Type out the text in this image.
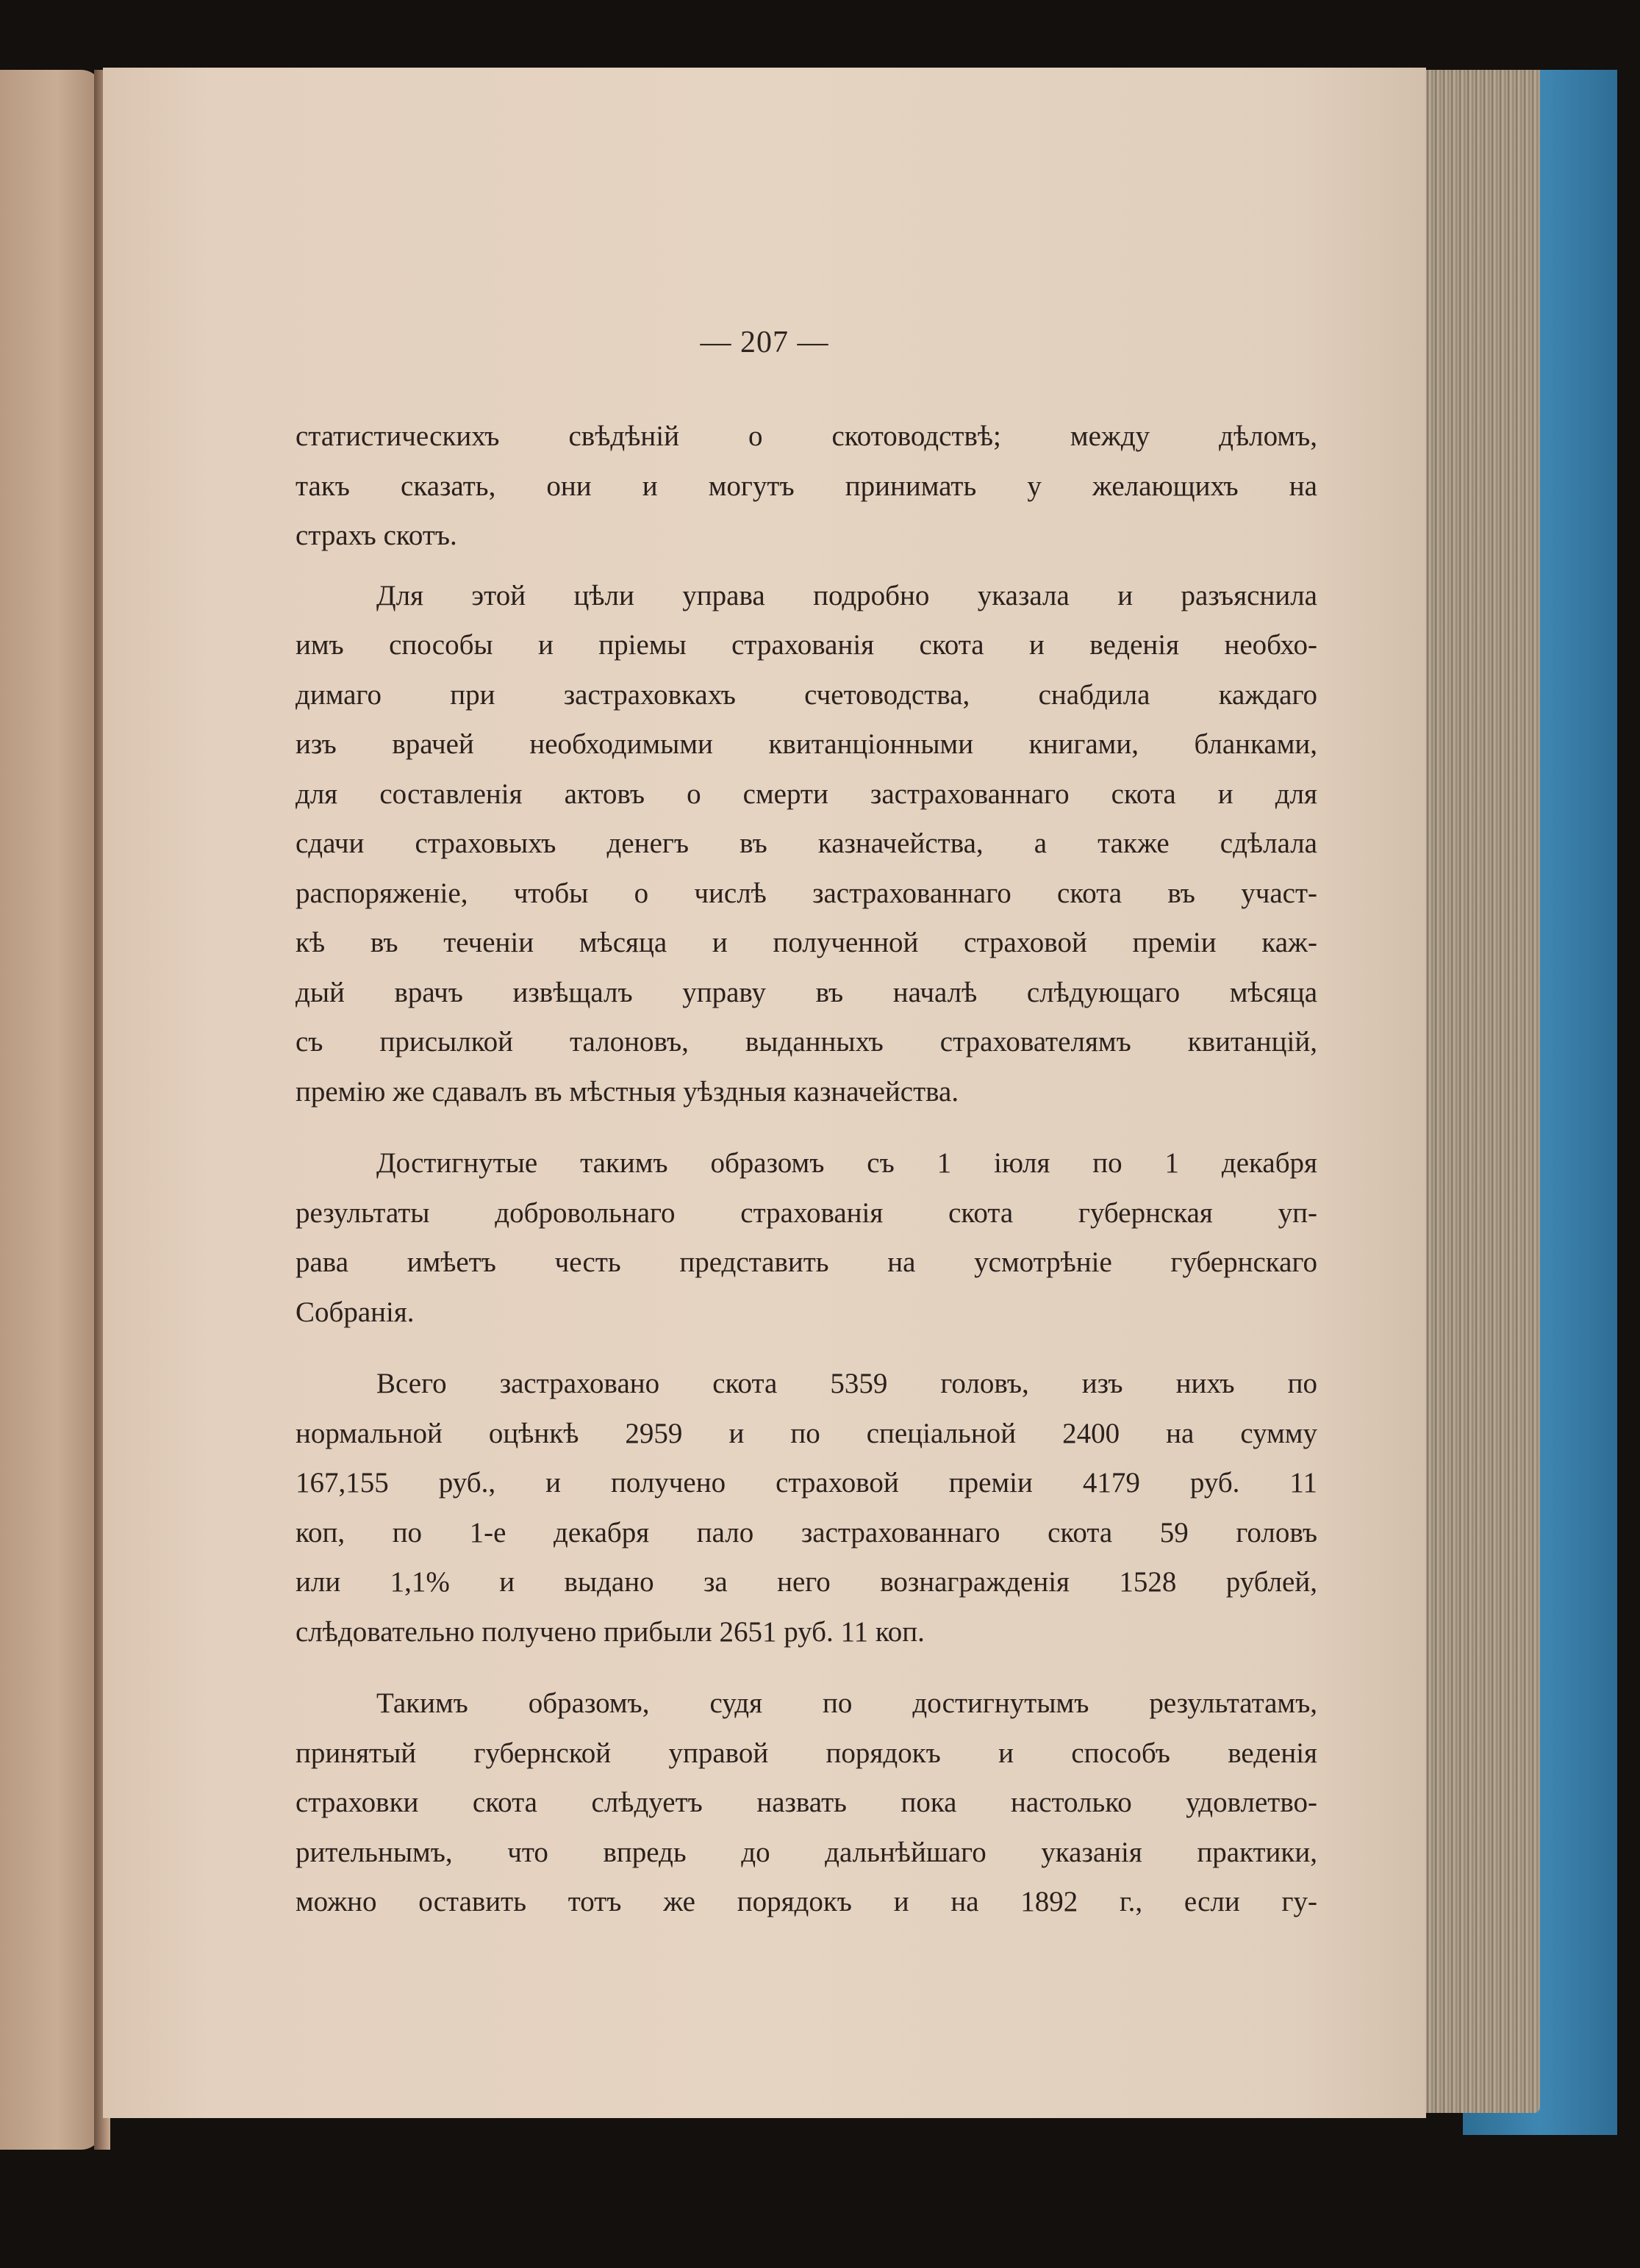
— 207 —

статистическихъ свѣдѣній о скотоводствѣ; между дѣломъ,
такъ сказать, они и могутъ принимать у желающихъ на
страхъ скотъ.

Для этой цѣли управа подробно указала и разъяснила
имъ способы и пріемы страхованія скота и веденія необхо-
димаго при застраховкахъ счетоводства, снабдила каждаго
изъ врачей необходимыми квитанціонными книгами, бланками,
для составленія актовъ о смерти застрахованнаго скота и для
сдачи страховыхъ денегъ въ казначейства, а также сдѣлала
распоряженіе, чтобы о числѣ застрахованнаго скота въ участ-
кѣ въ теченіи мѣсяца и полученной страховой преміи каж-
дый врачъ извѣщалъ управу въ началѣ слѣдующаго мѣсяца
съ присылкой талоновъ, выданныхъ страхователямъ квитанцій,
премію же сдавалъ въ мѣстныя уѣздныя казначейства.

Достигнутые такимъ образомъ съ 1 іюля по 1 декабря
результаты добровольнаго страхованія скота губернская уп-
рава имѣетъ честь представить на усмотрѣніе губернскаго
Собранія.

Всего застраховано скота 5359 головъ, изъ нихъ по
нормальной оцѣнкѣ 2959 и по спеціальной 2400 на сумму
167,155 руб., и получено страховой преміи 4179 руб. 11
коп, по 1-е декабря пало застрахованнаго скота 59 головъ
или 1,1% и выдано за него вознагражденія 1528 рублей,
слѣдовательно получено прибыли 2651 руб. 11 коп.

Такимъ образомъ, судя по достигнутымъ результатамъ,
принятый губернской управой порядокъ и способъ веденія
страховки скота слѣдуетъ назвать пока настолько удовлетво-
рительнымъ, что впредь до дальнѣйшаго указанія практики,
можно оставить тотъ же порядокъ и на 1892 г., если гу-
